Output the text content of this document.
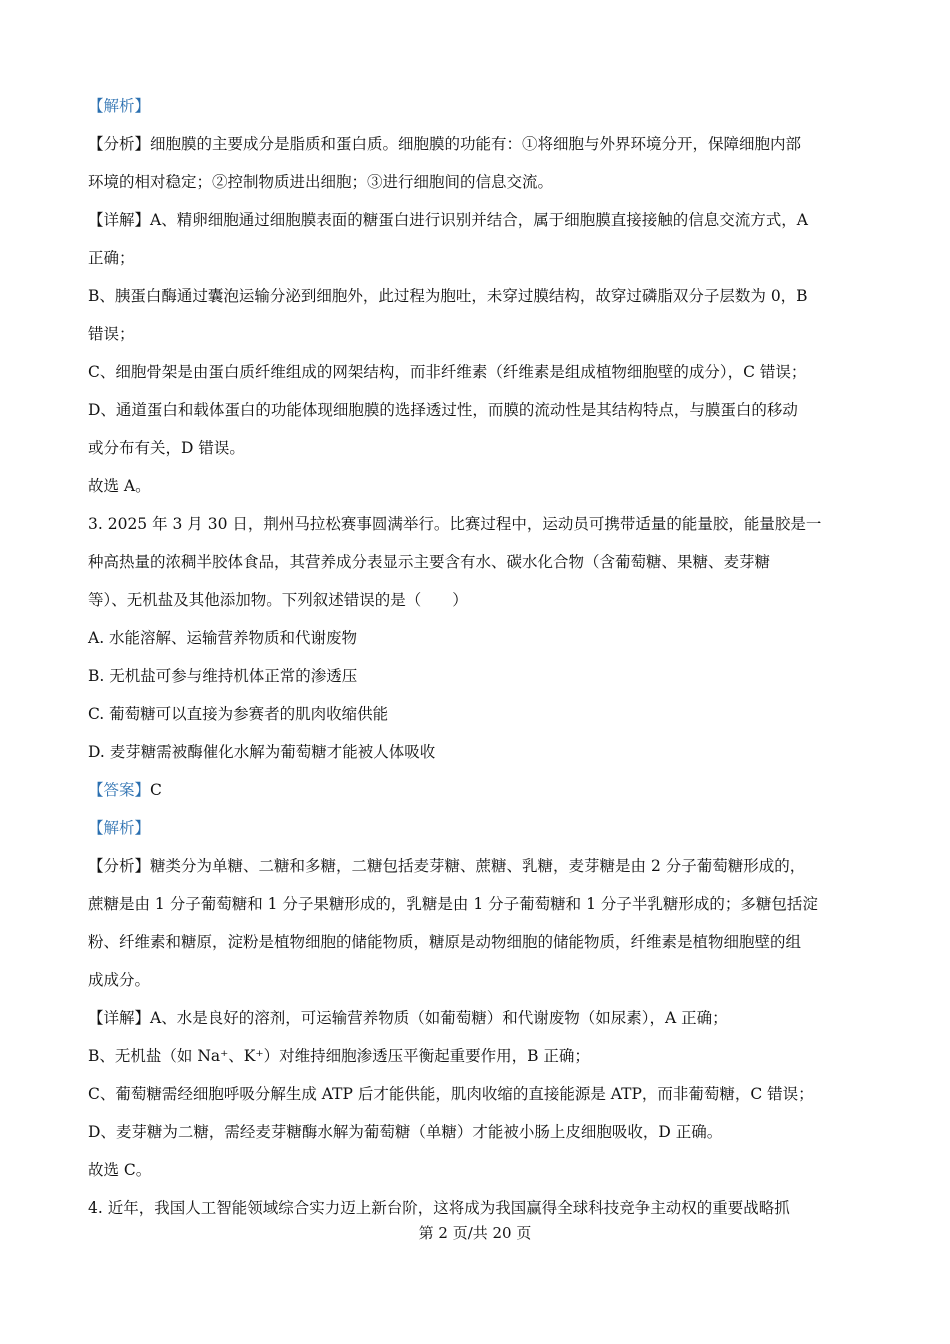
【解析】
【分析】细胞膜的主要成分是脂质和蛋白质。细胞膜的功能有：①将细胞与外界环境分开，保障细胞内部
环境的相对稳定；②控制物质进出细胞；③进行细胞间的信息交流。
【详解】A、精卵细胞通过细胞膜表面的糖蛋白进行识别并结合，属于细胞膜直接接触的信息交流方式，A
正确；
B、胰蛋白酶通过囊泡运输分泌到细胞外，此过程为胞吐，未穿过膜结构，故穿过磷脂双分子层数为 0，B
错误；
C、细胞骨架是由蛋白质纤维组成的网架结构，而非纤维素（纤维素是组成植物细胞壁的成分），C 错误；
D、通道蛋白和载体蛋白的功能体现细胞膜的选择透过性，而膜的流动性是其结构特点，与膜蛋白的移动
或分布有关，D 错误。
故选 A。
3. 2025 年 3 月 30 日，荆州马拉松赛事圆满举行。比赛过程中，运动员可携带适量的能量胶，能量胶是一
种高热量的浓稠半胶体食品，其营养成分表显示主要含有水、碳水化合物（含葡萄糖、果糖、麦芽糖
等）、无机盐及其他添加物。下列叙述错误的是（　　）
A. 水能溶解、运输营养物质和代谢废物
B. 无机盐可参与维持机体正常的渗透压
C. 葡萄糖可以直接为参赛者的肌肉收缩供能
D. 麦芽糖需被酶催化水解为葡萄糖才能被人体吸收
【答案】C
【解析】
【分析】糖类分为单糖、二糖和多糖，二糖包括麦芽糖、蔗糖、乳糖，麦芽糖是由 2 分子葡萄糖形成的，
蔗糖是由 1 分子葡萄糖和 1 分子果糖形成的，乳糖是由 1 分子葡萄糖和 1 分子半乳糖形成的；多糖包括淀
粉、纤维素和糖原，淀粉是植物细胞的储能物质，糖原是动物细胞的储能物质，纤维素是植物细胞壁的组
成成分。
【详解】A、水是良好的溶剂，可运输营养物质（如葡萄糖）和代谢废物（如尿素），A 正确；
B、无机盐（如 Na⁺、K⁺）对维持细胞渗透压平衡起重要作用，B 正确；
C、葡萄糖需经细胞呼吸分解生成 ATP 后才能供能，肌肉收缩的直接能源是 ATP，而非葡萄糖，C 错误；
D、麦芽糖为二糖，需经麦芽糖酶水解为葡萄糖（单糖）才能被小肠上皮细胞吸收，D 正确。
故选 C。
4. 近年，我国人工智能领域综合实力迈上新台阶，这将成为我国赢得全球科技竞争主动权的重要战略抓
第 2 页/共 20 页
